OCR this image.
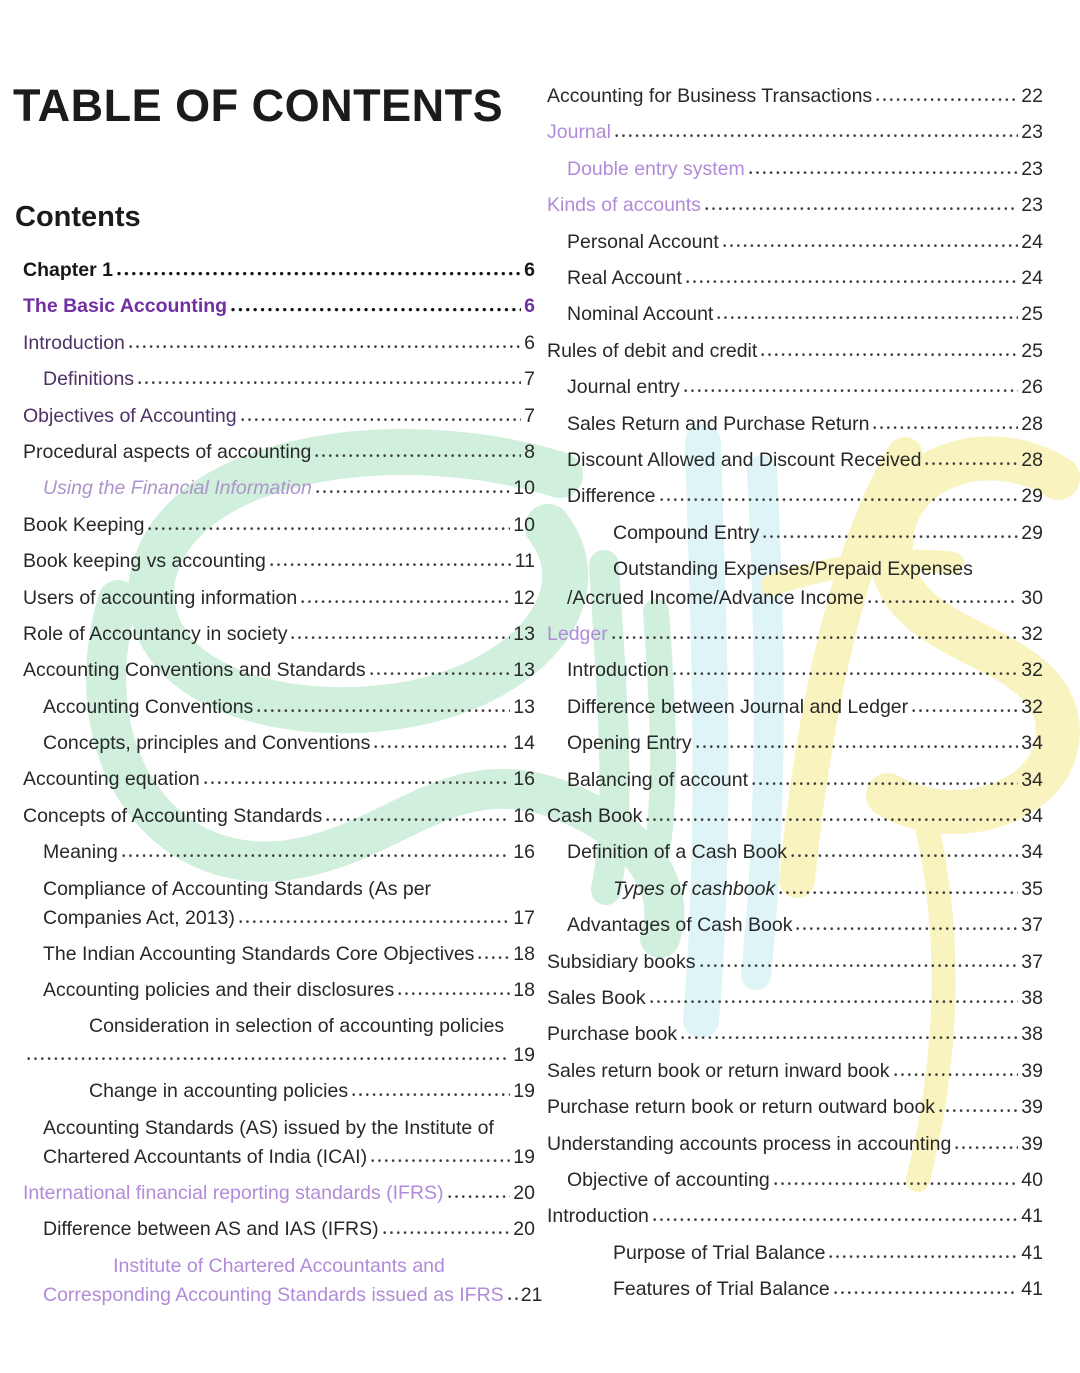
TABLE OF CONTENTS
Contents
Chapter 1	6
The Basic Accounting	6
Introduction	6
Definitions	7
Objectives of Accounting	7
Procedural aspects of accounting	8
Using the Financial Information	10
Book Keeping	10
Book keeping vs accounting	11
Users of accounting information	12
Role of Accountancy in society	13
Accounting Conventions and Standards	13
Accounting Conventions	13
Concepts, principles and Conventions	14
Accounting equation	16
Concepts of Accounting Standards	16
Meaning	16
Compliance of Accounting Standards (As per
Companies Act, 2013)	17
The Indian Accounting Standards Core Objectives 18
Accounting policies and their disclosures	18
Consideration in selection of accounting policies
19
Change in accounting policies	19
Accounting Standards (AS) issued by the Institute of
Chartered Accountants of India (ICAI)	19
International financial reporting standards (IFRS)	20
Difference between AS and IAS (IFRS)	20
Institute of Chartered Accountants and
Corresponding Accounting Standards issued as IFRS 21
Accounting for Business Transactions	22
Journal	23
Double entry system	23
Kinds of accounts	23
Personal Account	24
Real Account	24
Nominal Account	25
Rules of debit and credit	25
Journal entry	26
Sales Return and Purchase Return	28
Discount Allowed and Discount Received	28
Difference	29
Compound Entry	29
Outstanding Expenses/Prepaid Expenses
/Accrued Income/Advance Income	30
Ledger	32
Introduction	32
Difference between Journal and Ledger	32
Opening Entry	34
Balancing of account	34
Cash Book	34
Definition of a Cash Book	34
Types of cashbook	35
Advantages of Cash Book	37
Subsidiary books	37
Sales Book	38
Purchase book	38
Sales return book or return inward book	39
Purchase return book or return outward book	39
Understanding accounts process in accounting	39
Objective of accounting	40
Introduction	41
Purpose of Trial Balance	41
Features of Trial Balance	41
